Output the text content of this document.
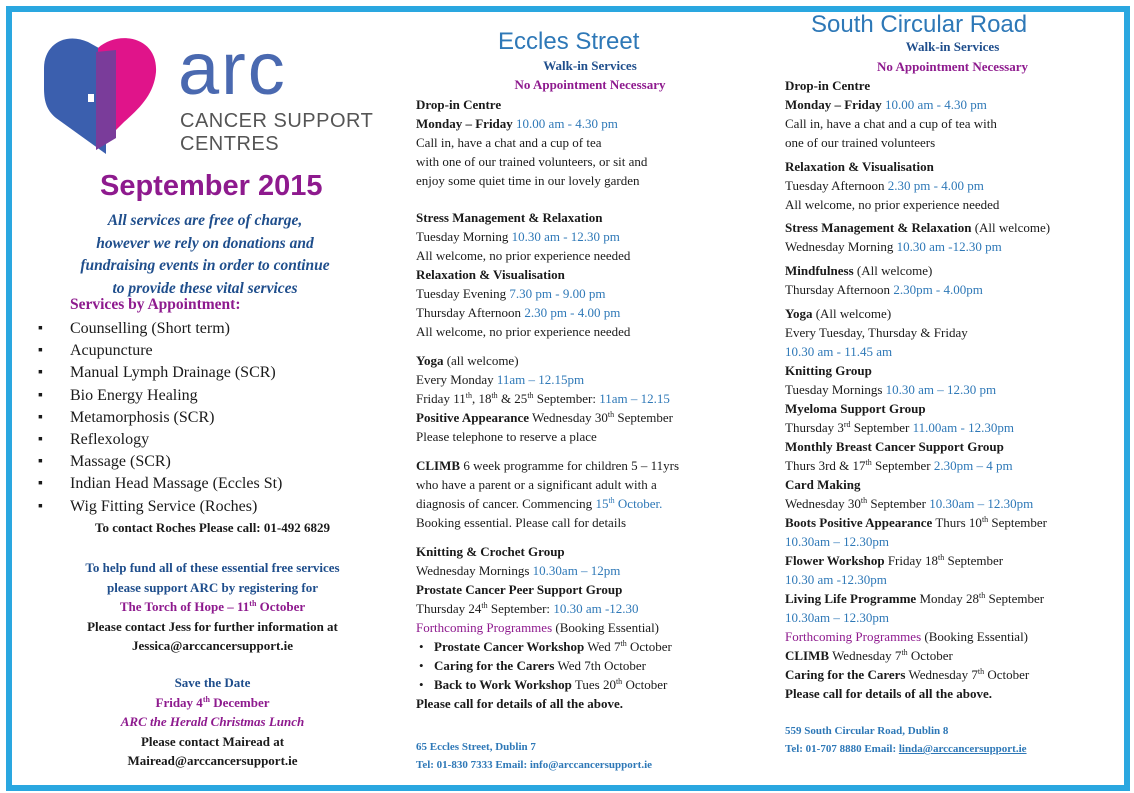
arc
CANCER SUPPORT
CENTRES
September 2015
All services are free of charge,
however we rely on donations and
fundraising events in order to continue
to provide these vital services
Services by Appointment:
▪ Counselling (Short term)
▪ Acupuncture
▪ Manual Lymph Drainage (SCR)
▪ Bio Energy Healing
▪ Metamorphosis (SCR)
▪ Reflexology
▪ Massage (SCR)
▪ Indian Head Massage (Eccles St)
▪ Wig Fitting Service (Roches)
To contact Roches Please call: 01-492 6829
To help fund all of these essential free services
please support ARC by registering for
The Torch of Hope – 11th October
Please contact Jess for further information at
Jessica@arccancersupport.ie
Save the Date
Friday 4th December
ARC the Herald Christmas Lunch
Please contact Mairead at
Mairead@arccancersupport.ie
Eccles Street
Walk-in Services
No Appointment Necessary
Drop-in Centre
Monday – Friday 10.00 am - 4.30 pm
Call in, have a chat and a cup of tea
with one of our trained volunteers, or sit and
enjoy some quiet time in our lovely garden
Stress Management & Relaxation
Tuesday Morning 10.30 am - 12.30 pm
All welcome, no prior experience needed
Relaxation & Visualisation
Tuesday Evening 7.30 pm - 9.00 pm
Thursday Afternoon 2.30 pm - 4.00 pm
All welcome, no prior experience needed
Yoga (all welcome)
Every Monday 11am – 12.15pm
Friday 11th, 18th & 25th September: 11am – 12.15
Positive Appearance Wednesday 30th September
Please telephone to reserve a place
CLIMB 6 week programme for children 5 – 11yrs
who have a parent or a significant adult with a
diagnosis of cancer. Commencing 15th October.
Booking essential. Please call for details
Knitting & Crochet Group
Wednesday Mornings 10.30am – 12pm
Prostate Cancer Peer Support Group
Thursday 24th September: 10.30 am -12.30
Forthcoming Programmes (Booking Essential)
• Prostate Cancer Workshop Wed 7th October
• Caring for the Carers Wed 7th October
• Back to Work Workshop Tues 20th October
Please call for details of all the above.
65 Eccles Street, Dublin 7
Tel: 01-830 7333 Email: info@arccancersupport.ie
South Circular Road
Walk-in Services
No Appointment Necessary
Drop-in Centre
Monday – Friday 10.00 am - 4.30 pm
Call in, have a chat and a cup of tea with
one of our trained volunteers
Relaxation & Visualisation
Tuesday Afternoon 2.30 pm - 4.00 pm
All welcome, no prior experience needed
Stress Management & Relaxation (All welcome)
Wednesday Morning 10.30 am -12.30 pm
Mindfulness (All welcome)
Thursday Afternoon 2.30pm - 4.00pm
Yoga (All welcome)
Every Tuesday, Thursday & Friday
10.30 am - 11.45 am
Knitting Group
Tuesday Mornings 10.30 am – 12.30 pm
Myeloma Support Group
Thursday 3rd September 11.00am - 12.30pm
Monthly Breast Cancer Support Group
Thurs 3rd & 17th September 2.30pm – 4 pm
Card Making
Wednesday 30th September 10.30am – 12.30pm
Boots Positive Appearance Thurs 10th September
10.30am – 12.30pm
Flower Workshop Friday 18th September
10.30 am -12.30pm
Living Life Programme Monday 28th September
10.30am – 12.30pm
Forthcoming Programmes (Booking Essential)
CLIMB Wednesday 7th October
Caring for the Carers Wednesday 7th October
Please call for details of all the above.
559 South Circular Road, Dublin 8
Tel: 01-707 8880 Email: linda@arccancersupport.ie
